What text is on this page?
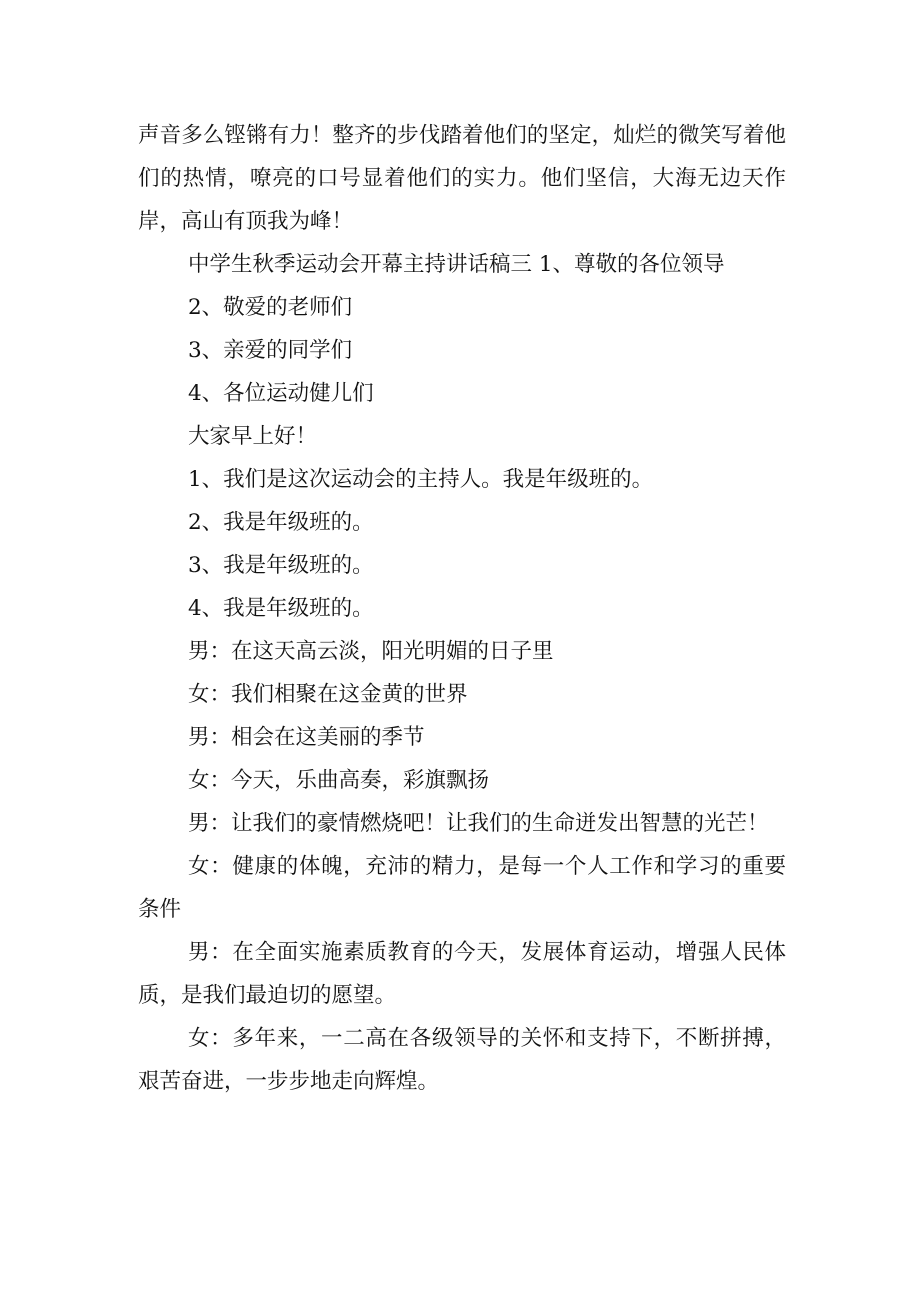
声音多么铿锵有力！整齐的步伐踏着他们的坚定，灿烂的微笑写着他们的热情，嘹亮的口号显着他们的实力。他们坚信，大海无边天作岸，高山有顶我为峰！

中学生秋季运动会开幕主持讲话稿三 1、尊敬的各位领导

2、敬爱的老师们

3、亲爱的同学们

4、各位运动健儿们

大家早上好！

1、我们是这次运动会的主持人。我是年级班的。

2、我是年级班的。

3、我是年级班的。

4、我是年级班的。

男：在这天高云淡，阳光明媚的日子里

女：我们相聚在这金黄的世界

男：相会在这美丽的季节

女：今天，乐曲高奏，彩旗飘扬

男：让我们的豪情燃烧吧！让我们的生命迸发出智慧的光芒！

女：健康的体魄，充沛的精力，是每一个人工作和学习的重要条件

男：在全面实施素质教育的今天，发展体育运动，增强人民体质，是我们最迫切的愿望。

女：多年来，一二高在各级领导的关怀和支持下，不断拼搏，艰苦奋进，一步步地走向辉煌。
